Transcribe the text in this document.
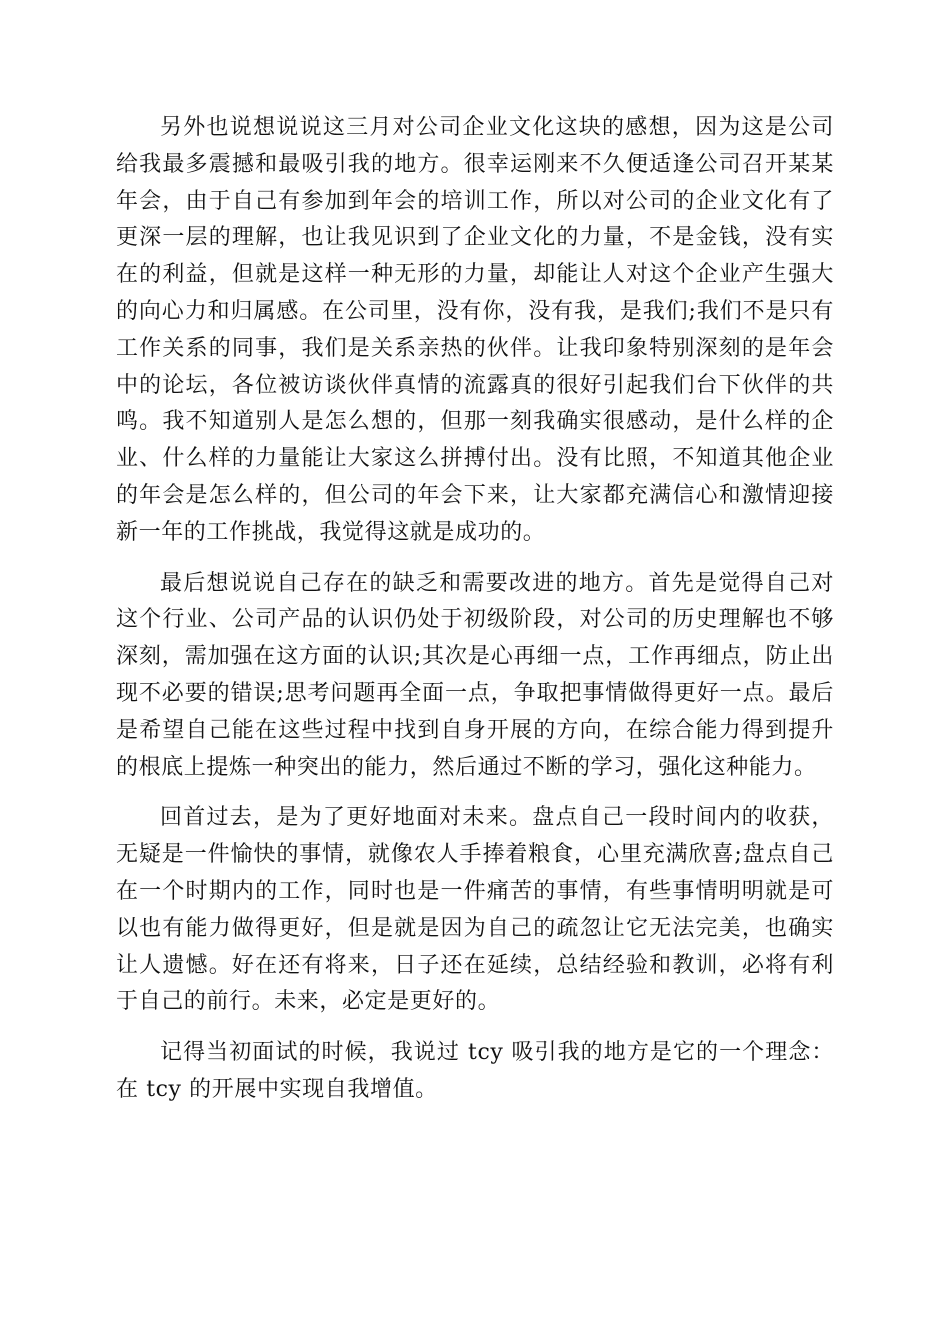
另外也说想说说这三月对公司企业文化这块的感想，因为这是公司给我最多震撼和最吸引我的地方。很幸运刚来不久便适逢公司召开某某年会，由于自己有参加到年会的培训工作，所以对公司的企业文化有了更深一层的理解，也让我见识到了企业文化的力量，不是金钱，没有实在的利益，但就是这样一种无形的力量，却能让人对这个企业产生强大的向心力和归属感。在公司里，没有你，没有我，是我们;我们不是只有工作关系的同事，我们是关系亲热的伙伴。让我印象特别深刻的是年会中的论坛，各位被访谈伙伴真情的流露真的很好引起我们台下伙伴的共鸣。我不知道别人是怎么想的，但那一刻我确实很感动，是什么样的企业、什么样的力量能让大家这么拼搏付出。没有比照，不知道其他企业的年会是怎么样的，但公司的年会下来，让大家都充满信心和激情迎接新一年的工作挑战，我觉得这就是成功的。

最后想说说自己存在的缺乏和需要改进的地方。首先是觉得自己对这个行业、公司产品的认识仍处于初级阶段，对公司的历史理解也不够深刻，需加强在这方面的认识;其次是心再细一点，工作再细点，防止出现不必要的错误;思考问题再全面一点，争取把事情做得更好一点。最后是希望自己能在这些过程中找到自身开展的方向，在综合能力得到提升的根底上提炼一种突出的能力，然后通过不断的学习，强化这种能力。

回首过去，是为了更好地面对未来。盘点自己一段时间内的收获，无疑是一件愉快的事情，就像农人手捧着粮食，心里充满欣喜;盘点自己在一个时期内的工作，同时也是一件痛苦的事情，有些事情明明就是可以也有能力做得更好，但是就是因为自己的疏忽让它无法完美，也确实让人遗憾。好在还有将来，日子还在延续，总结经验和教训，必将有利于自己的前行。未来，必定是更好的。

记得当初面试的时候，我说过 tcy 吸引我的地方是它的一个理念：在 tcy 的开展中实现自我增值。
